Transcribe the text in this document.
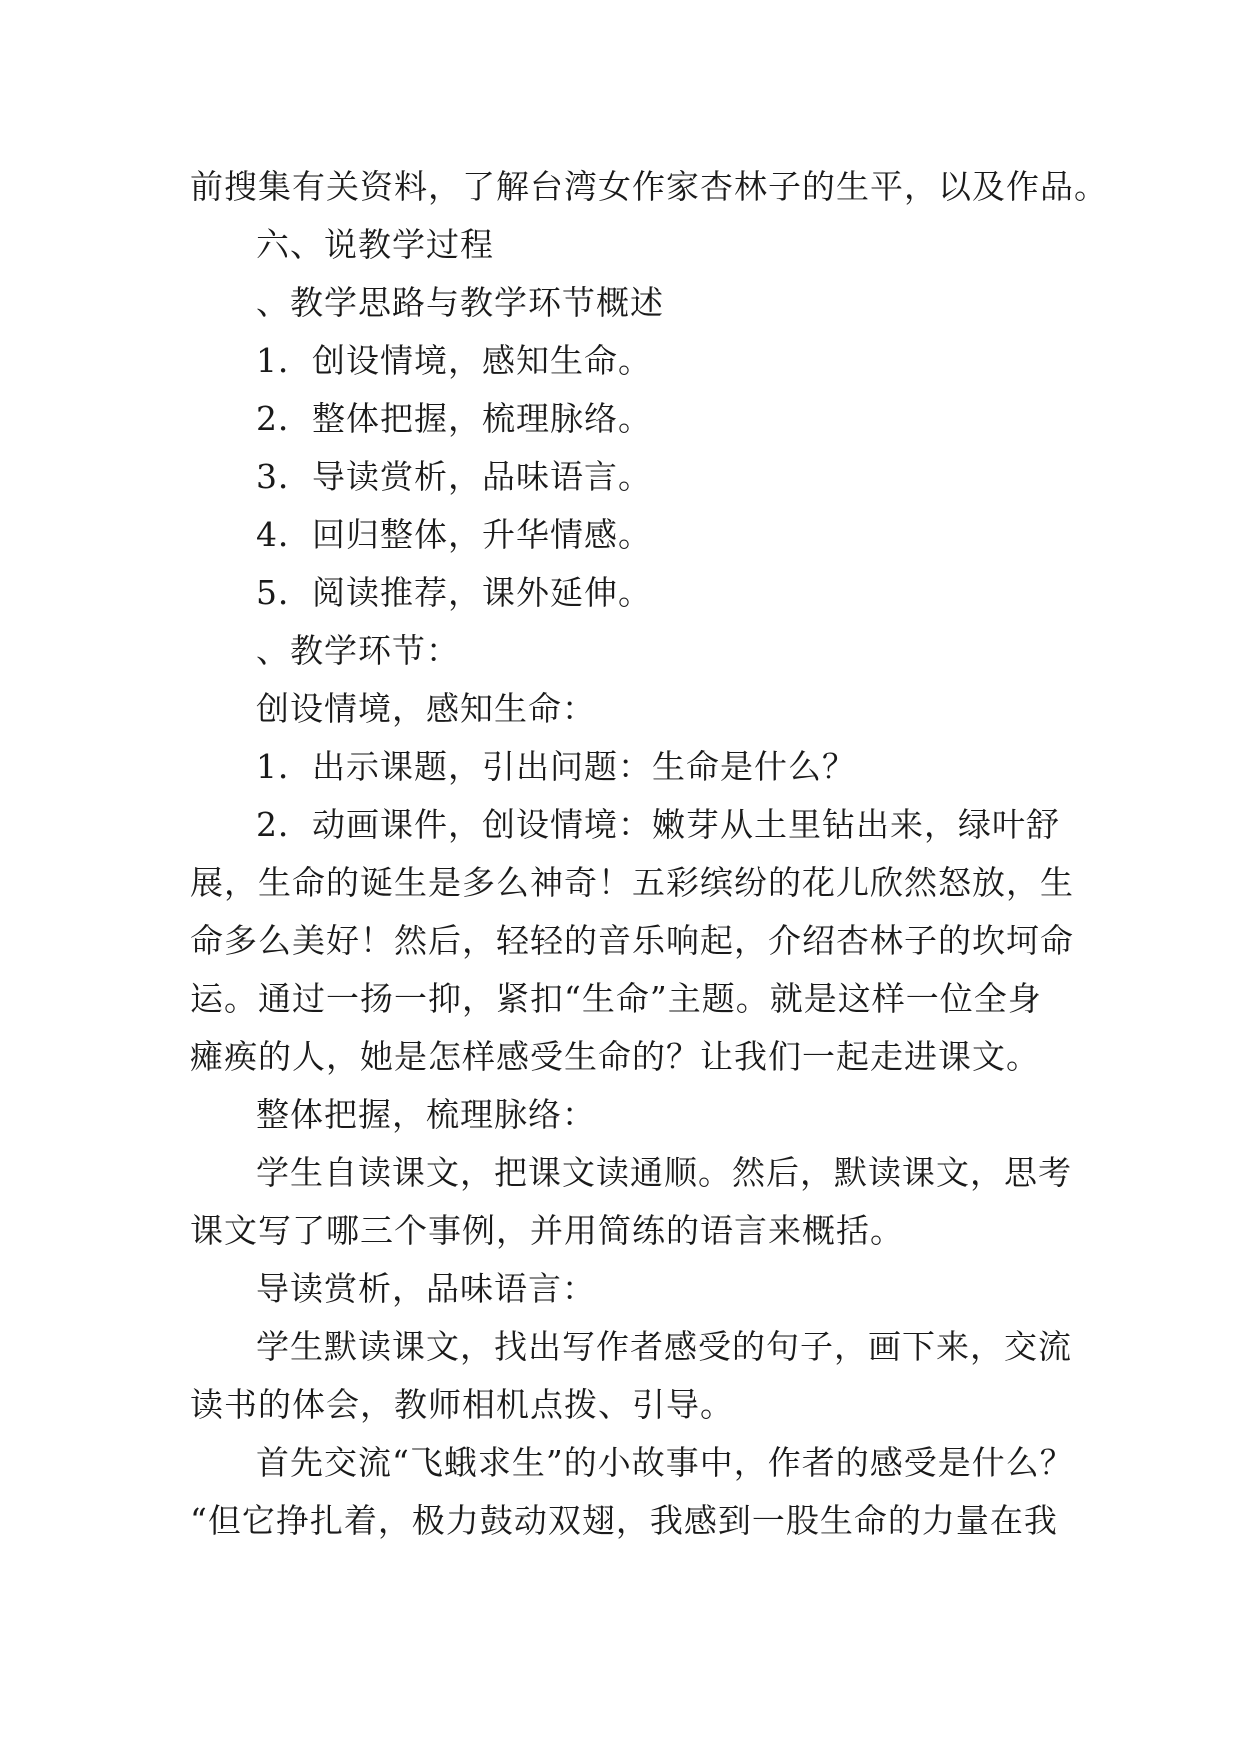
前搜集有关资料，了解台湾女作家杏林子的生平，以及作品。
六、说教学过程
、教学思路与教学环节概述
1．创设情境，感知生命。
2．整体把握，梳理脉络。
3．导读赏析，品味语言。
4．回归整体，升华情感。
5．阅读推荐，课外延伸。
、教学环节：
创设情境，感知生命：
1．出示课题，引出问题：生命是什么？
2．动画课件，创设情境：嫩芽从土里钻出来，绿叶舒
展，生命的诞生是多么神奇！五彩缤纷的花儿欣然怒放，生
命多么美好！然后，轻轻的音乐响起，介绍杏林子的坎坷命
运。通过一扬一抑，紧扣“生命”主题。就是这样一位全身
瘫痪的人，她是怎样感受生命的？让我们一起走进课文。
整体把握，梳理脉络：
学生自读课文，把课文读通顺。然后，默读课文，思考
课文写了哪三个事例，并用简练的语言来概括。
导读赏析，品味语言：
学生默读课文，找出写作者感受的句子，画下来，交流
读书的体会，教师相机点拨、引导。
首先交流“飞蛾求生”的小故事中，作者的感受是什么？
“但它挣扎着，极力鼓动双翅，我感到一股生命的力量在我
